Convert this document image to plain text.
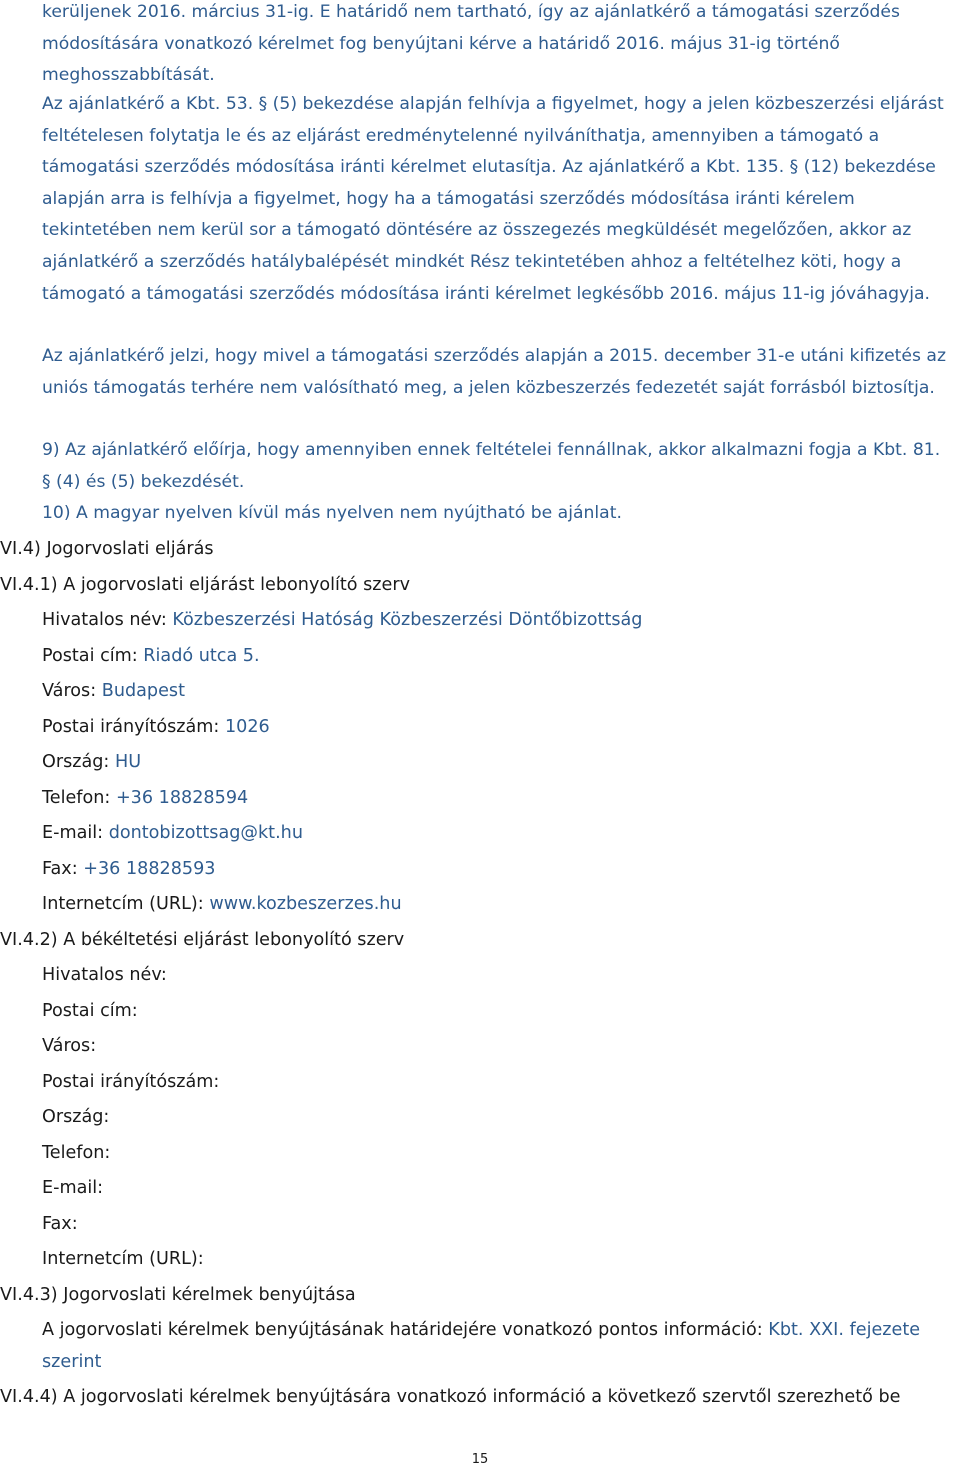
kerüljenek 2016. március 31-ig. E határidő nem tartható, így az ajánlatkérő a támogatási szerződés módosítására vonatkozó kérelmet fog benyújtani kérve a határidő 2016. május 31-ig történő meghosszabbítását.

Az ajánlatkérő a Kbt. 53. § (5) bekezdése alapján felhívja a figyelmet, hogy a jelen közbeszerzési eljárást feltételesen folytatja le és az eljárást eredménytelenné nyilváníthatja, amennyiben a támogató a támogatási szerződés módosítása iránti kérelmet elutasítja. Az ajánlatkérő a Kbt. 135. § (12) bekezdése alapján arra is felhívja a figyelmet, hogy ha a támogatási szerződés módosítása iránti kérelem tekintetében nem kerül sor a támogató döntésére az összegezés megküldését megelőzően, akkor az ajánlatkérő a szerződés hatálybalépését mindkét Rész tekintetében ahhoz a feltételhez köti, hogy a támogató a támogatási szerződés módosítása iránti kérelmet legkésőbb 2016. május 11-ig jóváhagyja.

Az ajánlatkérő jelzi, hogy mivel a támogatási szerződés alapján a 2015. december 31-e utáni kifizetés az uniós támogatás terhére nem valósítható meg, a jelen közbeszerzés fedezetét saját forrásból biztosítja.

9) Az ajánlatkérő előírja, hogy amennyiben ennek feltételei fennállnak, akkor alkalmazni fogja a Kbt. 81. § (4) és (5) bekezdését.

10) A magyar nyelven kívül más nyelven nem nyújtható be ajánlat.

VI.4) Jogorvoslati eljárás
VI.4.1) A jogorvoslati eljárást lebonyolító szerv
Hivatalos név: Közbeszerzési Hatóság Közbeszerzési Döntőbizottság
Postai cím: Riadó utca 5.
Város: Budapest
Postai irányítószám: 1026
Ország: HU
Telefon: +36 18828594
E-mail: dontobizottsag@kt.hu
Fax: +36 18828593
Internetcím (URL): www.kozbeszerzes.hu
VI.4.2) A békéltetési eljárást lebonyolító szerv
Hivatalos név:
Postai cím:
Város:
Postai irányítószám:
Ország:
Telefon:
E-mail:
Fax:
Internetcím (URL):
VI.4.3) Jogorvoslati kérelmek benyújtása

A jogorvoslati kérelmek benyújtásának határidejére vonatkozó pontos információ: Kbt. XXI. fejezete szerint

VI.4.4) A jogorvoslati kérelmek benyújtására vonatkozó információ a következő szervtől szerezhető be
15
